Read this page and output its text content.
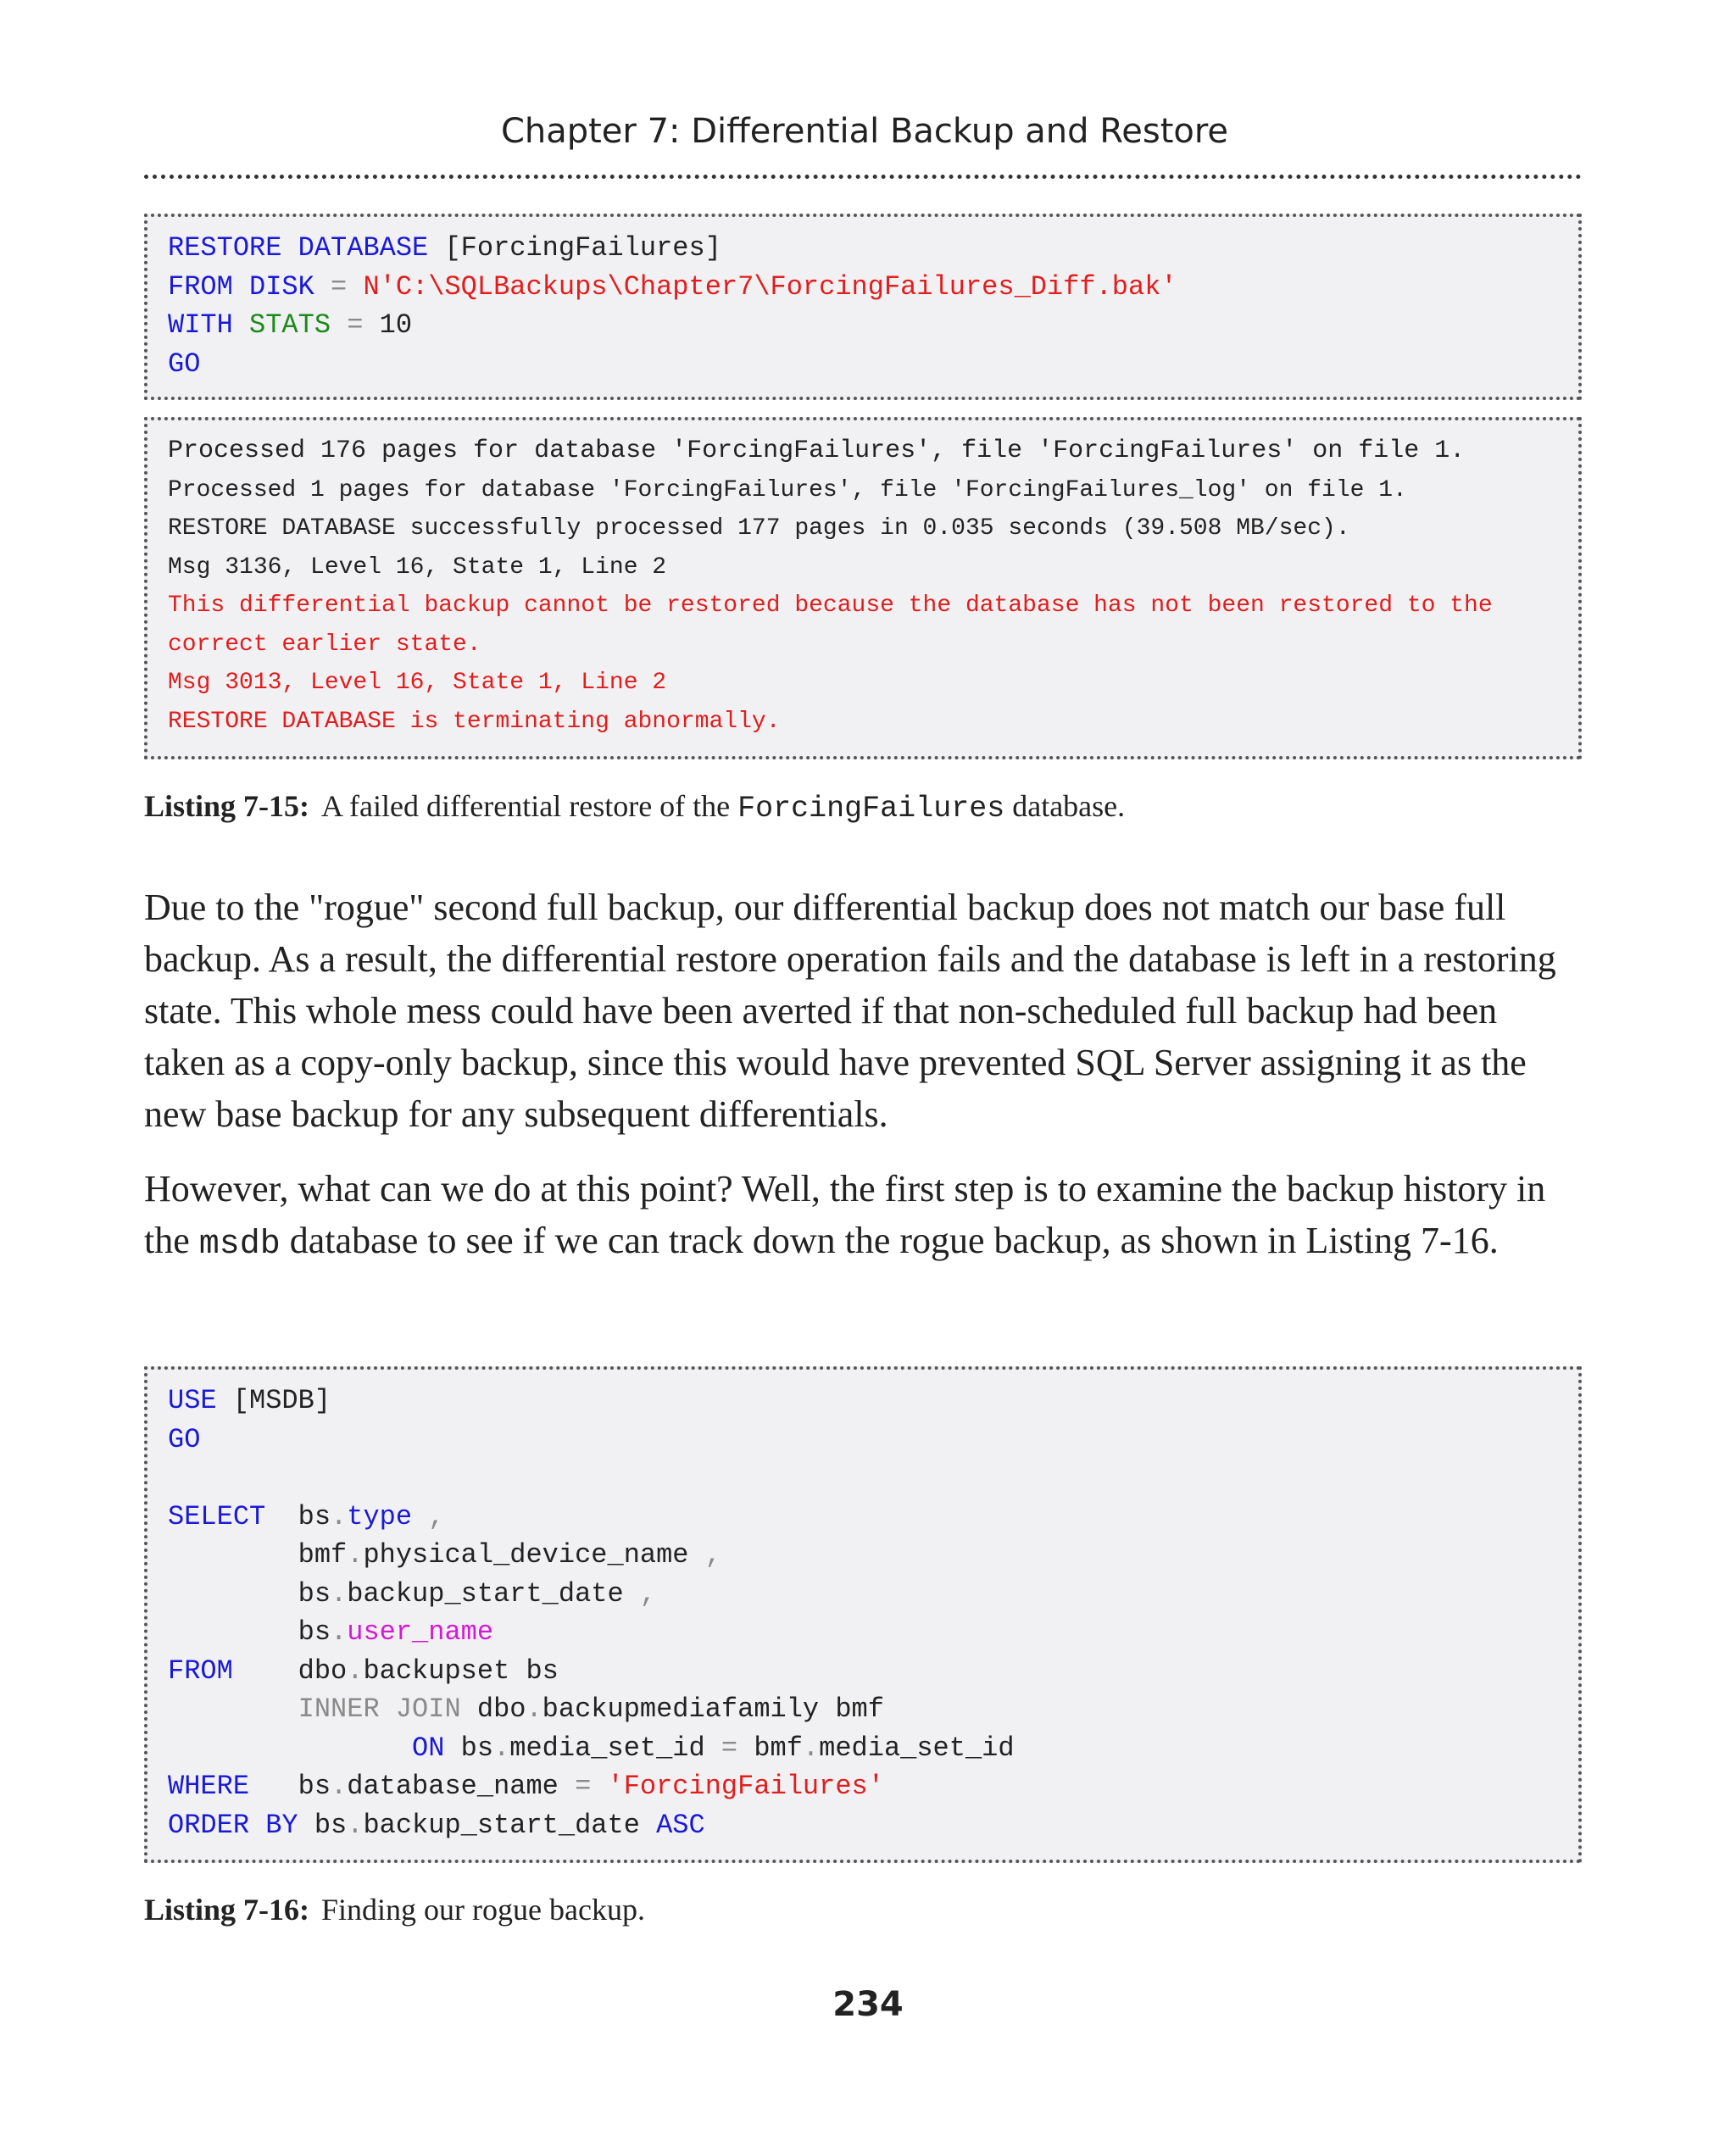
Chapter 7: Differential Backup and Restore
RESTORE DATABASE [ForcingFailures]
FROM DISK = N'C:\SQLBackups\Chapter7\ForcingFailures_Diff.bak'
WITH STATS = 10
GO
Processed 176 pages for database 'ForcingFailures', file 'ForcingFailures' on file 1.
Processed 1 pages for database 'ForcingFailures', file 'ForcingFailures_log' on file 1.
RESTORE DATABASE successfully processed 177 pages in 0.035 seconds (39.508 MB/sec).
Msg 3136, Level 16, State 1, Line 2
This differential backup cannot be restored because the database has not been restored to the
correct earlier state.
Msg 3013, Level 16, State 1, Line 2
RESTORE DATABASE is terminating abnormally.
Listing 7-15: A failed differential restore of the ForcingFailures database.

Due to the "rogue" second full backup, our differential backup does not match our base full backup. As a result, the differential restore operation fails and the database is left in a restoring state. This whole mess could have been averted if that non-scheduled full backup had been taken as a copy-only backup, since this would have prevented SQL Server assigning it as the new base backup for any subsequent differentials.

However, what can we do at this point? Well, the first step is to examine the backup history in the msdb database to see if we can track down the rogue backup, as shown in Listing 7-16.

USE [MSDB]
GO

SELECT  bs.type ,
bmf.physical_device_name ,
bs.backup_start_date ,
bs.user_name
FROM    dbo.backupset bs
INNER JOIN dbo.backupmediafamily bmf
ON bs.media_set_id = bmf.media_set_id
WHERE   bs.database_name = 'ForcingFailures'
ORDER BY bs.backup_start_date ASC
Listing 7-16: Finding our rogue backup.
234
